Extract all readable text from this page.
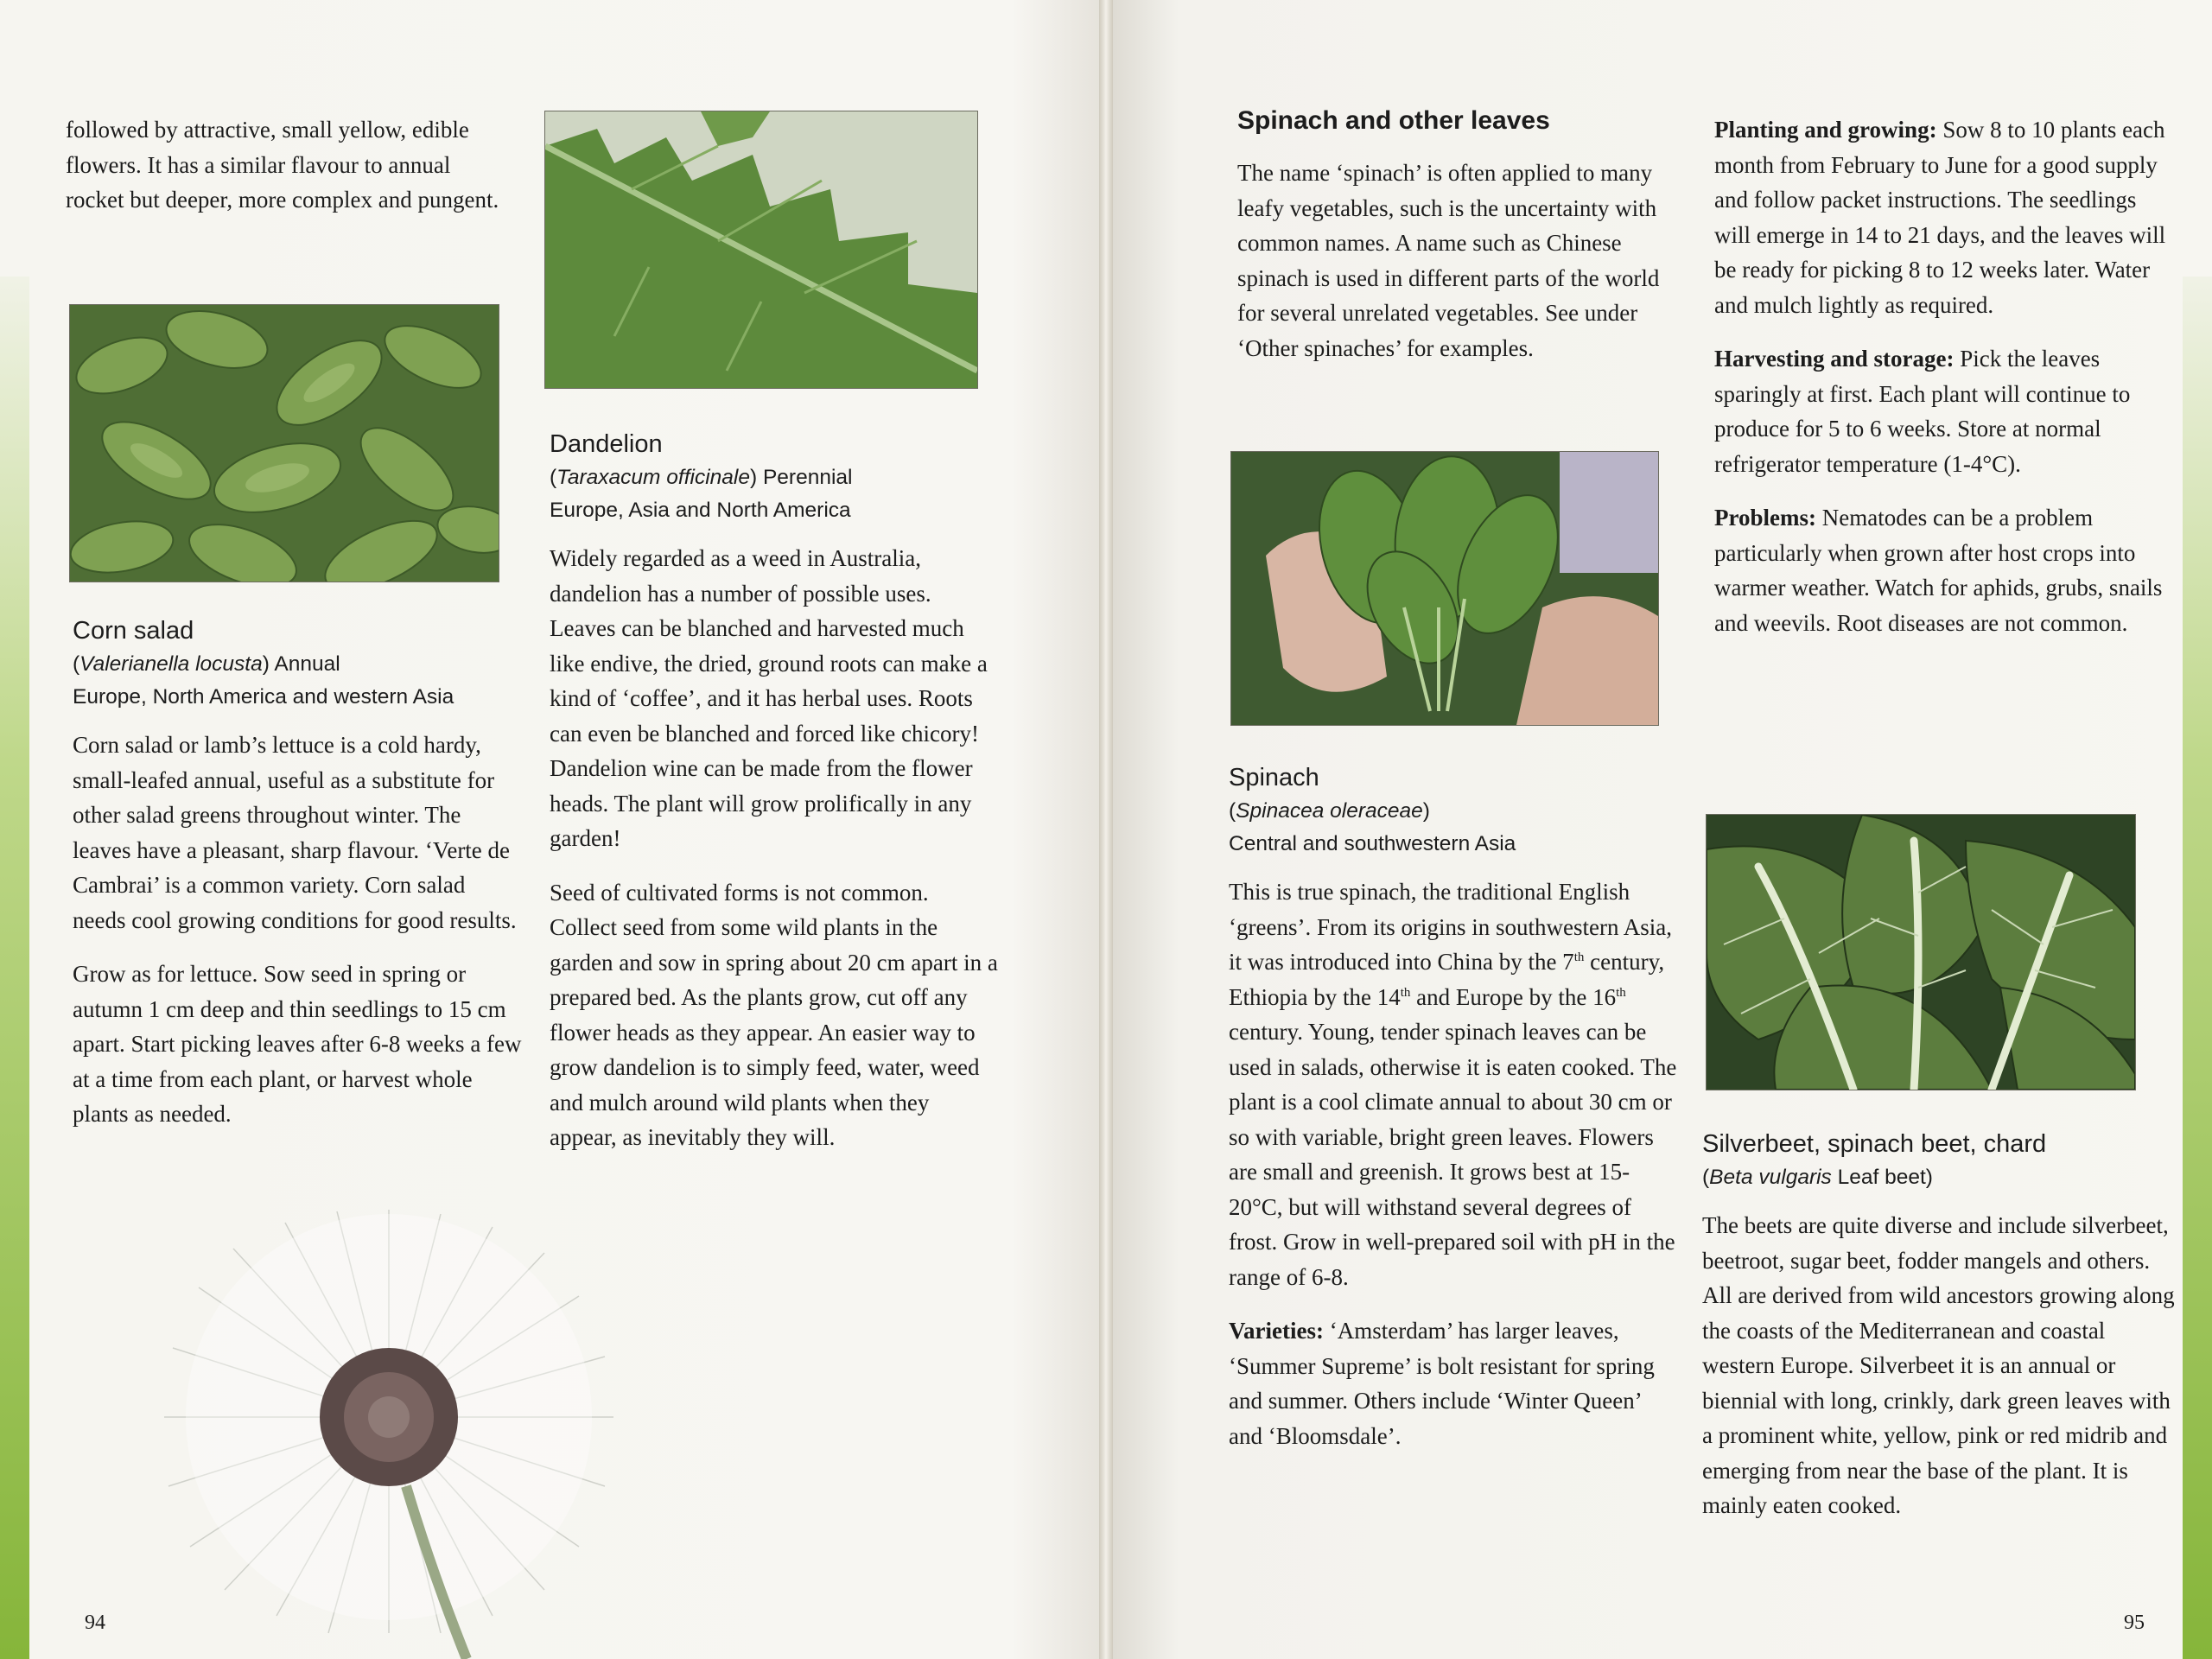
followed by attractive, small yellow, edible flowers. It has a similar flavour to annual rocket but deeper, more complex and pungent.

Corn salad
(Valerianella locusta) Annual
Europe, North America and western Asia

Corn salad or lamb’s lettuce is a cold hardy, small-leafed annual, useful as a substitute for other salad greens throughout winter. The leaves have a pleasant, sharp flavour. ‘Verte de Cambrai’ is a common variety. Corn salad needs cool growing conditions for good results.

Grow as for lettuce. Sow seed in spring or autumn 1 cm deep and thin seedlings to 15 cm apart. Start picking leaves after 6-8 weeks a few at a time from each plant, or harvest whole plants as needed.

Dandelion
(Taraxacum officinale) Perennial
Europe, Asia and North America

Widely regarded as a weed in Australia, dandelion has a number of possible uses. Leaves can be blanched and harvested much like endive, the dried, ground roots can make a kind of ‘coffee’, and it has herbal uses. Roots can even be blanched and forced like chicory! Dandelion wine can be made from the flower heads. The plant will grow prolifically in any garden!

Seed of cultivated forms is not common. Collect seed from some wild plants in the garden and sow in spring about 20 cm apart in a prepared bed. As the plants grow, cut off any flower heads as they appear. An easier way to grow dandelion is to simply feed, water, weed and mulch around wild plants when they appear, as inevitably they will.

94
Spinach and other leaves

The name ‘spinach’ is often applied to many leafy vegetables, such is the uncertainty with common names. A name such as Chinese spinach is used in different parts of the world for several unrelated vegetables. See under ‘Other spinaches’ for examples.

Spinach
(Spinacea oleraceae)
Central and southwestern Asia

This is true spinach, the traditional English ‘greens’. From its origins in southwestern Asia, it was introduced into China by the 7th century, Ethiopia by the 14th and Europe by the 16th century. Young, tender spinach leaves can be used in salads, otherwise it is eaten cooked. The plant is a cool climate annual to about 30 cm or so with variable, bright green leaves. Flowers are small and greenish. It grows best at 15-20°C, but will withstand several degrees of frost. Grow in well-prepared soil with pH in the range of 6-8.

Varieties: ‘Amsterdam’ has larger leaves, ‘Summer Supreme’ is bolt resistant for spring and summer. Others include ‘Winter Queen’ and ‘Bloomsdale’.

Planting and growing: Sow 8 to 10 plants each month from February to June for a good supply and follow packet instructions. The seedlings will emerge in 14 to 21 days, and the leaves will be ready for picking 8 to 12 weeks later. Water and mulch lightly as required.

Harvesting and storage: Pick the leaves sparingly at first. Each plant will continue to produce for 5 to 6 weeks. Store at normal refrigerator temperature (1-4°C).

Problems: Nematodes can be a problem particularly when grown after host crops into warmer weather. Watch for aphids, grubs, snails and weevils. Root diseases are not common.

Silverbeet, spinach beet, chard
(Beta vulgaris Leaf beet)

The beets are quite diverse and include silverbeet, beetroot, sugar beet, fodder mangels and others. All are derived from wild ancestors growing along the coasts of the Mediterranean and coastal western Europe. Silverbeet it is an annual or biennial with long, crinkly, dark green leaves with a prominent white, yellow, pink or red midrib and emerging from near the base of the plant. It is mainly eaten cooked.

95
